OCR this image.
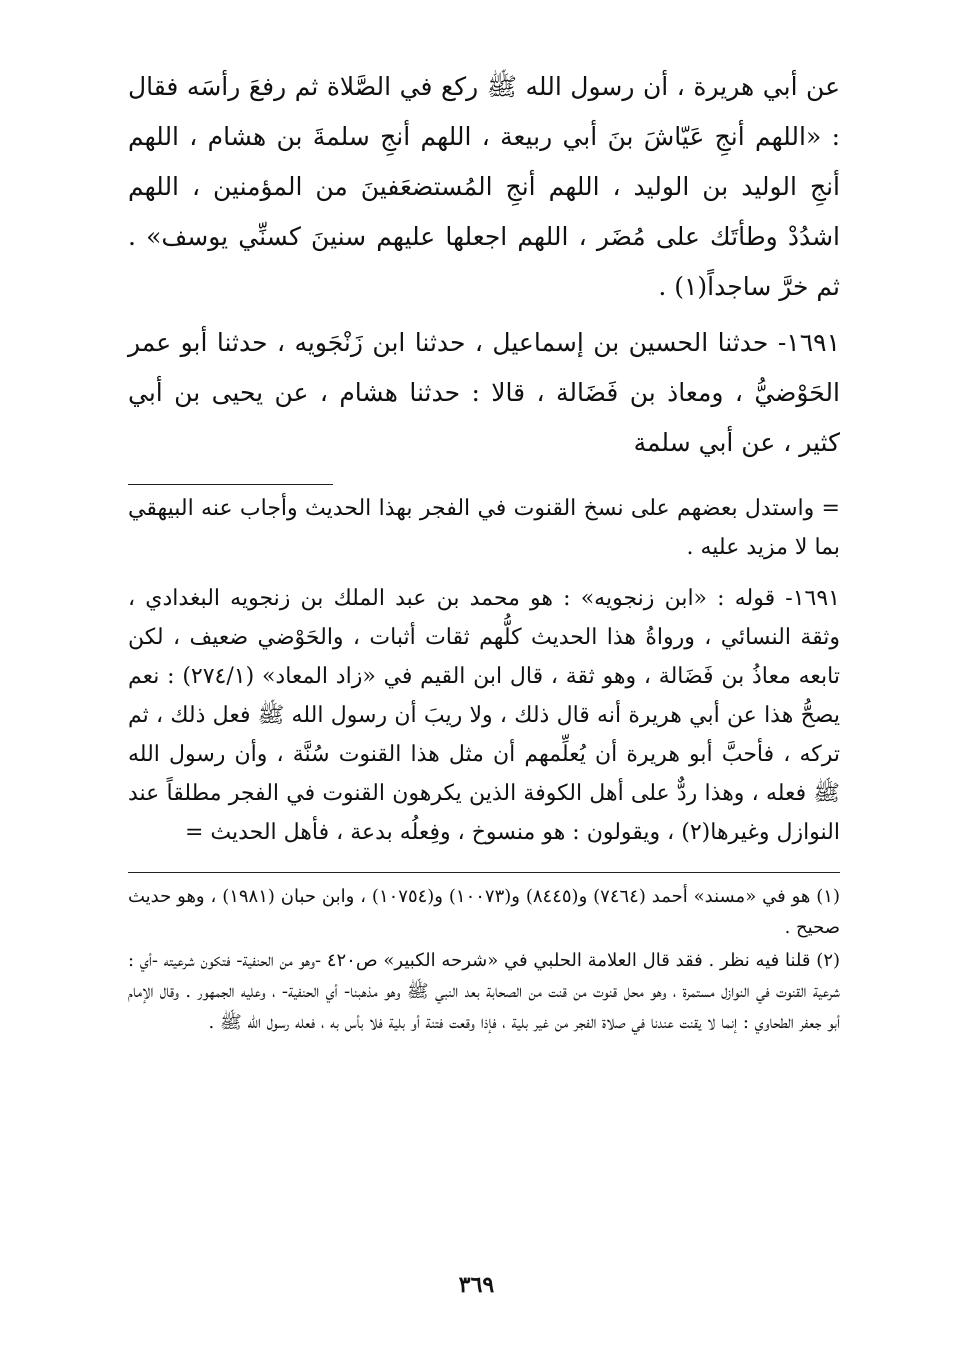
عن أبي هريرة ، أن رسول الله ﷺ ركع في الصَّلاة ثم رفعَ رأسَه فقال : «اللهم أنجِ عَيّاشَ بنَ أبي ربيعة ، اللهم أنجِ سلمةَ بن هشام ، اللهم أنجِ الوليد بن الوليد ، اللهم أنجِ المُستضعَفينَ من المؤمنين ، اللهم اشدُدْ وطأتَك على مُضَر ، اللهم اجعلها عليهم سنينَ كسنِّي يوسف» . ثم خرَّ ساجداً(١) .

١٦٩١- حدثنا الحسين بن إسماعيل ، حدثنا ابن زَنْجَويه ، حدثنا أبو عمر الحَوْضيُّ ، ومعاذ بن فَضَالة ، قالا : حدثنا هشام ، عن يحيى بن أبي كثير ، عن أبي سلمة

= واستدل بعضهم على نسخ القنوت في الفجر بهذا الحديث وأجاب عنه البيهقي بما لا مزيد عليه .

١٦٩١- قوله : «ابن زنجويه» : هو محمد بن عبد الملك بن زنجويه البغدادي ، وثقة النسائي ، ورواةُ هذا الحديث كلُّهم ثقات أثبات ، والحَوْضي ضعيف ، لكن تابعه معاذُ بن فَضَالة ، وهو ثقة ، قال ابن القيم في «زاد المعاد» (٢٧٤/١) : نعم يصحُّ هذا عن أبي هريرة أنه قال ذلك ، ولا ريبَ أن رسول الله ﷺ فعل ذلك ، ثم تركه ، فأحبَّ أبو هريرة أن يُعلِّمهم أن مثل هذا القنوت سُنَّة ، وأن رسول الله ﷺ فعله ، وهذا ردٌّ على أهل الكوفة الذين يكرهون القنوت في الفجر مطلقاً عند النوازل وغيرها(٢) ، ويقولون : هو منسوخ ، وفِعلُه بدعة ، فأهل الحديث =

(١) هو في «مسند» أحمد (٧٤٦٤) و(٨٤٤٥) و(١٠٠٧٣) و(١٠٧٥٤) ، وابن حبان (١٩٨١) ، وهو حديث صحيح .

(٢) قلنا فيه نظر . فقد قال العلامة الحلبي في «شرحه الكبير» ص٤٢٠ -وهو من الحنفية- فتكون شرعيته -أي : شرعية القنوت في النوازل مستمرة ، وهو محل قنوت من قنت من الصحابة بعد النبي ﷺ وهو مذهبنا- أي الحنفية- ، وعليه الجمهور . وقال الإمام أبو جعفر الطحاوي : إنما لا يقنت عندنا في صلاة الفجر من غير بلية ، فإذا وقعت فتنة أو بلية فلا بأس به ، فعله رسول الله ﷺ .

٣٦٩
